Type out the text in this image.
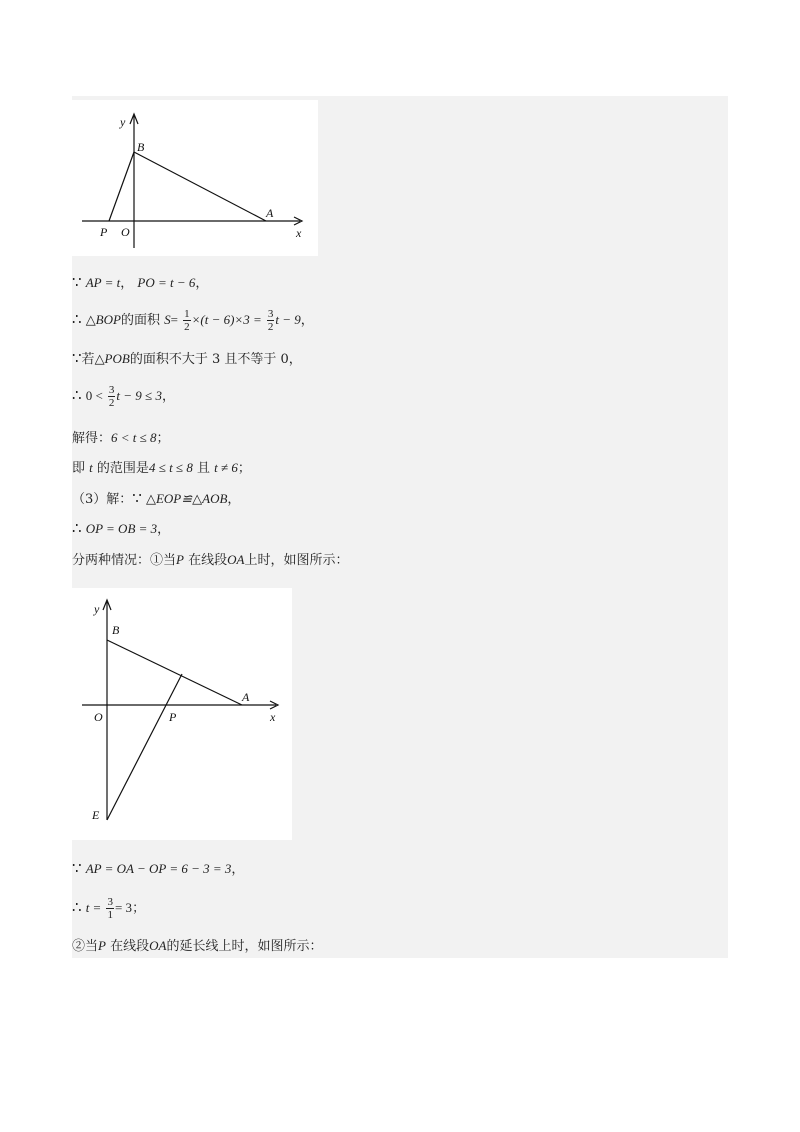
y
x
B
A
P O
∵ AP = t， PO = t − 6，
∴ △BOP的面积 $S= \frac{1}{2} \times(t - 6)\times 3 = \frac{3}{2}$ t − 9，
∵若△POB的面积不大于 3 且不等于 0，
∴ $0 < \frac{3}{2}$ t − 9 ≤ 3，
解得：6 < t ≤ 8；
即 t 的范围是4 ≤ t ≤ 8 且 t ≠ 6；
（3）解：∵ △EOP≌△AOB，
∴ OP = OB = 3，
分两种情况：①当P 在线段OA上时，如图所示：
y
x
B
A
O	P
E
∵ AP = OA − OP = 6 − 3 = 3，
∴ $t = \frac{3}{1} = 3$；
②当P 在线段OA的延长线上时，如图所示：
